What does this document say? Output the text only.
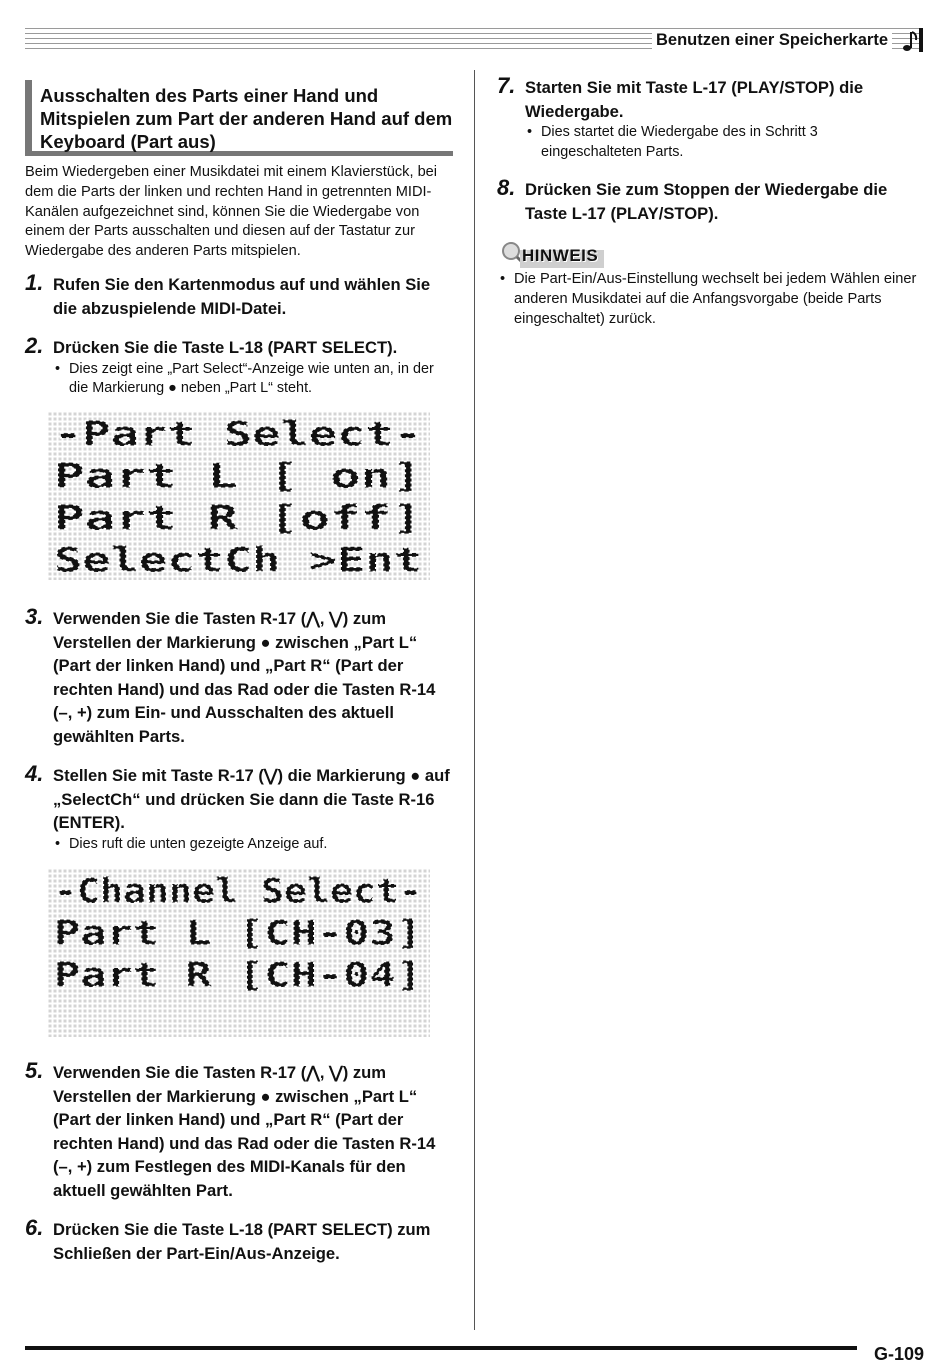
Benutzen einer Speicherkarte
Ausschalten des Parts einer Hand und Mitspielen zum Part der anderen Hand auf dem Keyboard (Part aus)
Beim Wiedergeben einer Musikdatei mit einem Klavierstück, bei dem die Parts der linken und rechten Hand in getrennten MIDI-Kanälen aufgezeichnet sind, können Sie die Wiedergabe von einem der Parts ausschalten und diesen auf der Tastatur zur Wiedergabe des anderen Parts mitspielen.
1. Rufen Sie den Kartenmodus auf und wählen Sie die abzuspielende MIDI-Datei.
2. Drücken Sie die Taste L-18 (PART SELECT).
• Dies zeigt eine „Part Select“-Anzeige wie unten an, in der die Markierung ● neben „Part L“ steht.
-Part Select-
Part L [ on]
Part R [off]
SelectCh >Ent
3. Verwenden Sie die Tasten R-17 (⋀, ⋁) zum Verstellen der Markierung ● zwischen „Part L“ (Part der linken Hand) und „Part R“ (Part der rechten Hand) und das Rad oder die Tasten R-14 (–, +) zum Ein- und Ausschalten des aktuell gewählten Parts.
4. Stellen Sie mit Taste R-17 (⋁) die Markierung ● auf „SelectCh“ und drücken Sie dann die Taste R-16 (ENTER).
• Dies ruft die unten gezeigte Anzeige auf.
-Channel Select-
Part L [CH-03]
Part R [CH-04]
5. Verwenden Sie die Tasten R-17 (⋀, ⋁) zum Verstellen der Markierung ● zwischen „Part L“ (Part der linken Hand) und „Part R“ (Part der rechten Hand) und das Rad oder die Tasten R-14 (–, +) zum Festlegen des MIDI-Kanals für den aktuell gewählten Part.
6. Drücken Sie die Taste L-18 (PART SELECT) zum Schließen der Part-Ein/Aus-Anzeige.
7. Starten Sie mit Taste L-17 (PLAY/STOP) die Wiedergabe.
• Dies startet die Wiedergabe des in Schritt 3 eingeschalteten Parts.
8. Drücken Sie zum Stoppen der Wiedergabe die Taste L-17 (PLAY/STOP).
HINWEIS
• Die Part-Ein/Aus-Einstellung wechselt bei jedem Wählen einer anderen Musikdatei auf die Anfangsvorgabe (beide Parts eingeschaltet) zurück.
G-109
